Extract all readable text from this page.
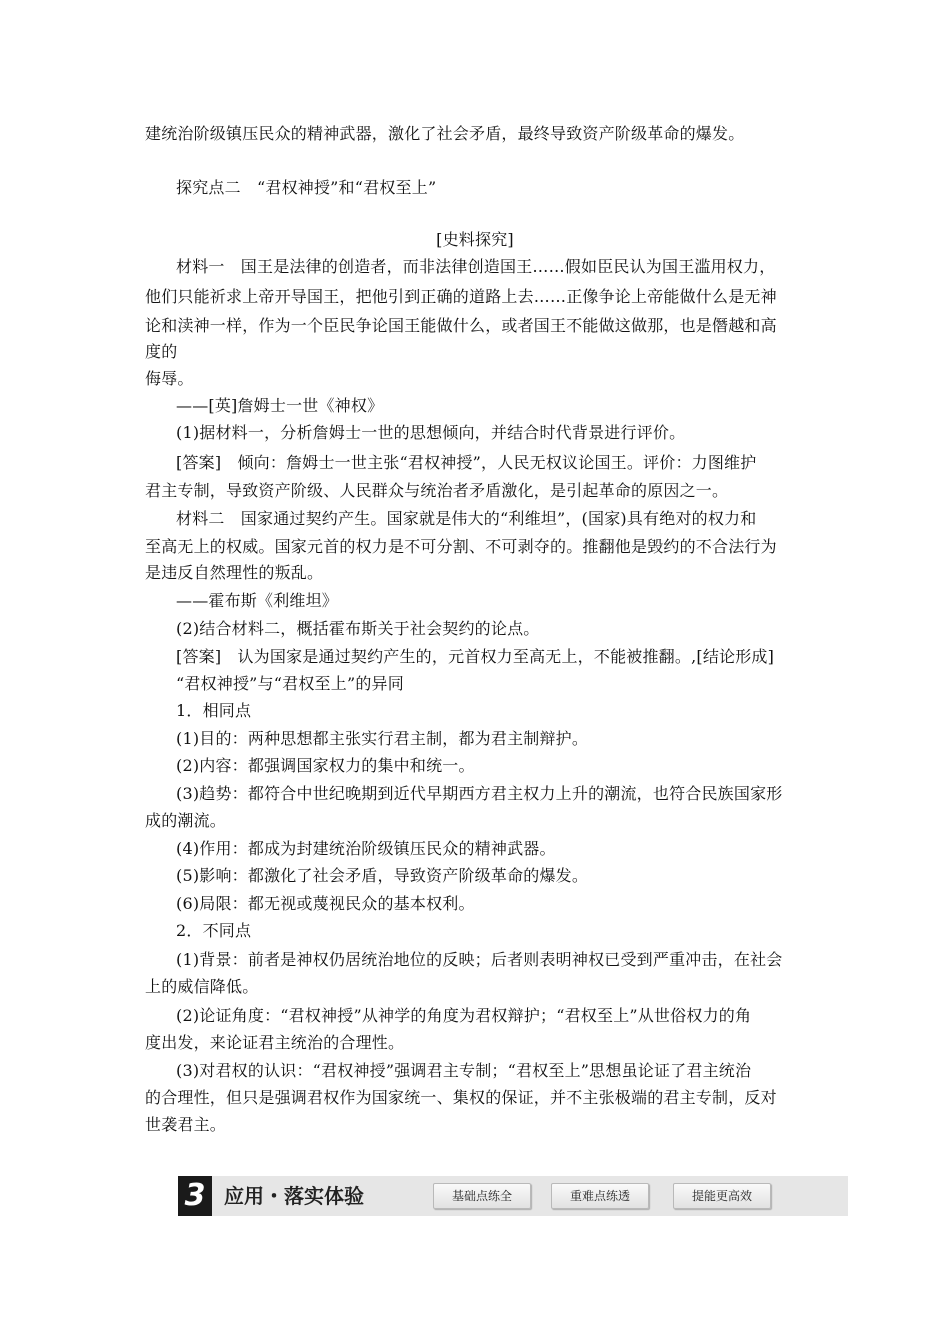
建统治阶级镇压民众的精神武器，激化了社会矛盾，最终导致资产阶级革命的爆发。
探究点二　“君权神授”和“君权至上”
[史料探究]
材料一　国王是法律的创造者，而非法律创造国王……假如臣民认为国王滥用权力，
他们只能祈求上帝开导国王，把他引到正确的道路上去……正像争论上帝能做什么是无神
论和渎神一样，作为一个臣民争论国王能做什么，或者国王不能做这做那，也是僭越和高
度的
侮辱。
——[英]詹姆士一世《神权》
(1)据材料一，分析詹姆士一世的思想倾向，并结合时代背景进行评价。
[答案]　倾向：詹姆士一世主张“君权神授”，人民无权议论国王。评价：力图维护
君主专制，导致资产阶级、人民群众与统治者矛盾激化，是引起革命的原因之一。
材料二　国家通过契约产生。国家就是伟大的“利维坦”，(国家)具有绝对的权力和
至高无上的权威。国家元首的权力是不可分割、不可剥夺的。推翻他是毁约的不合法行为
是违反自然理性的叛乱。
——霍布斯《利维坦》
(2)结合材料二，概括霍布斯关于社会契约的论点。
[答案]　认为国家是通过契约产生的，元首权力至高无上，不能被推翻。,[结论形成]
“君权神授”与“君权至上”的异同
1．相同点
(1)目的：两种思想都主张实行君主制，都为君主制辩护。
(2)内容：都强调国家权力的集中和统一。
(3)趋势：都符合中世纪晚期到近代早期西方君主权力上升的潮流，也符合民族国家形
成的潮流。
(4)作用：都成为封建统治阶级镇压民众的精神武器。
(5)影响：都激化了社会矛盾，导致资产阶级革命的爆发。
(6)局限：都无视或蔑视民众的基本权利。
2．不同点
(1)背景：前者是神权仍居统治地位的反映；后者则表明神权已受到严重冲击，在社会
上的威信降低。
(2)论证角度：“君权神授”从神学的角度为君权辩护；“君权至上”从世俗权力的角
度出发，来论证君主统治的合理性。
(3)对君权的认识：“君权神授”强调君主专制；“君权至上”思想虽论证了君主统治
的合理性，但只是强调君权作为国家统一、集权的保证，并不主张极端的君主专制，反对
世袭君主。
3 应用・落实体验	基础点练全	重难点练透	提能更高效
